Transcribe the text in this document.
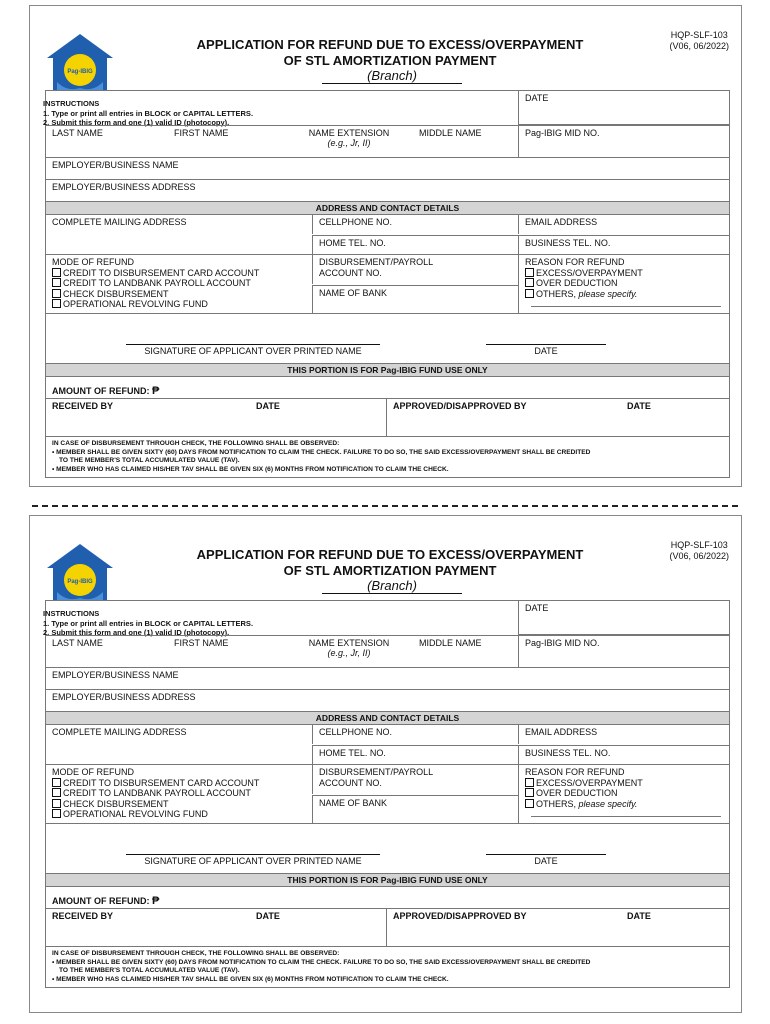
Pag-IBIG
APPLICATION FOR REFUND DUE TO EXCESS/OVERPAYMENT
OF STL AMORTIZATION PAYMENT
(Branch)
HQP-SLF-103
(V06, 06/2022)
INSTRUCTIONS
1. Type or print all entries in BLOCK or CAPITAL LETTERS.
2. Submit this form and one (1) valid ID (photocopy).
DATE
LAST NAME	FIRST NAME	NAME EXTENSION
(e.g., Jr, II)
MIDDLE NAME	Pag-IBIG MID NO.
EMPLOYER/BUSINESS NAME
EMPLOYER/BUSINESS ADDRESS
ADDRESS AND CONTACT DETAILS
COMPLETE MAILING ADDRESS	CELLPHONE NO.
HOME TEL. NO.
EMAIL ADDRESS
BUSINESS TEL. NO.
MODE OF REFUND
CREDIT TO DISBURSEMENT CARD ACCOUNT
CREDIT TO LANDBANK PAYROLL ACCOUNT
CHECK DISBURSEMENT
OPERATIONAL REVOLVING FUND
DISBURSEMENT/PAYROLL
ACCOUNT NO.
NAME OF BANK
REASON FOR REFUND
EXCESS/OVERPAYMENT
OVER DEDUCTION
OTHERS, please specify.
SIGNATURE OF APPLICANT OVER PRINTED NAME	DATE
THIS PORTION IS FOR Pag-IBIG FUND USE ONLY
AMOUNT OF REFUND: ₱
RECEIVED BY	DATE	APPROVED/DISAPPROVED BY	DATE
IN CASE OF DISBURSEMENT THROUGH CHECK, THE FOLLOWING SHALL BE OBSERVED:
• MEMBER SHALL BE GIVEN SIXTY (60) DAYS FROM NOTIFICATION TO CLAIM THE CHECK. FAILURE TO DO SO, THE SAID EXCESS/OVERPAYMENT SHALL BE CREDITED
TO THE MEMBER'S TOTAL ACCUMULATED VALUE (TAV).
• MEMBER WHO HAS CLAIMED HIS/HER TAV SHALL BE GIVEN SIX (6) MONTHS FROM NOTIFICATION TO CLAIM THE CHECK.
Pag-IBIG
APPLICATION FOR REFUND DUE TO EXCESS/OVERPAYMENT
OF STL AMORTIZATION PAYMENT
(Branch)
HQP-SLF-103
(V06, 06/2022)
INSTRUCTIONS
1. Type or print all entries in BLOCK or CAPITAL LETTERS.
2. Submit this form and one (1) valid ID (photocopy).
DATE
LAST NAME	FIRST NAME	NAME EXTENSION
(e.g., Jr, II)
MIDDLE NAME	Pag-IBIG MID NO.
EMPLOYER/BUSINESS NAME
EMPLOYER/BUSINESS ADDRESS
ADDRESS AND CONTACT DETAILS
COMPLETE MAILING ADDRESS	CELLPHONE NO.
HOME TEL. NO.
EMAIL ADDRESS
BUSINESS TEL. NO.
MODE OF REFUND
CREDIT TO DISBURSEMENT CARD ACCOUNT
CREDIT TO LANDBANK PAYROLL ACCOUNT
CHECK DISBURSEMENT
OPERATIONAL REVOLVING FUND
DISBURSEMENT/PAYROLL
ACCOUNT NO.
NAME OF BANK
REASON FOR REFUND
EXCESS/OVERPAYMENT
OVER DEDUCTION
OTHERS, please specify.
SIGNATURE OF APPLICANT OVER PRINTED NAME	DATE
THIS PORTION IS FOR Pag-IBIG FUND USE ONLY
AMOUNT OF REFUND: ₱
RECEIVED BY	DATE	APPROVED/DISAPPROVED BY	DATE
IN CASE OF DISBURSEMENT THROUGH CHECK, THE FOLLOWING SHALL BE OBSERVED:
• MEMBER SHALL BE GIVEN SIXTY (60) DAYS FROM NOTIFICATION TO CLAIM THE CHECK. FAILURE TO DO SO, THE SAID EXCESS/OVERPAYMENT SHALL BE CREDITED
TO THE MEMBER'S TOTAL ACCUMULATED VALUE (TAV).
• MEMBER WHO HAS CLAIMED HIS/HER TAV SHALL BE GIVEN SIX (6) MONTHS FROM NOTIFICATION TO CLAIM THE CHECK.
